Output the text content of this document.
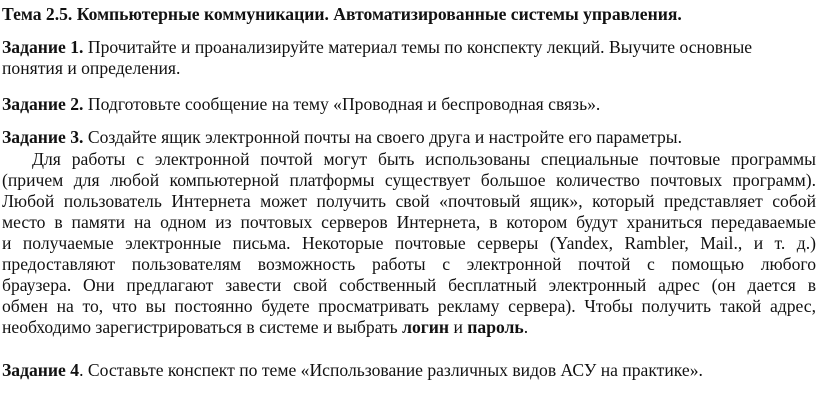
Тема 2.5. Компьютерные коммуникации. Автоматизированные системы управления.
Задание 1. Прочитайте и проанализируйте материал темы по конспекту лекций. Выучите основные
понятия и определения.
Задание 2. Подготовьте сообщение на тему «Проводная и беспроводная связь».
Задание 3. Создайте ящик электронной почты на своего друга и настройте его параметры.
Для работы с электронной почтой могут быть использованы специальные почтовые программы
(причем для любой компьютерной платформы существует большое количество почтовых программ).
Любой пользователь Интернета может получить свой «почтовый ящик», который представляет собой
место в памяти на одном из почтовых серверов Интернета, в котором будут храниться передаваемые
и получаемые электронные письма. Некоторые почтовые серверы (Yandex, Rambler, Mail., и т. д.)
предоставляют пользователям возможность работы с электронной почтой с помощью любого
браузера. Они предлагают завести свой собственный бесплатный электронный адрес (он дается в
обмен на то, что вы постоянно будете просматривать рекламу сервера). Чтобы получить такой адрес,
необходимо зарегистрироваться в системе и выбрать логин и пароль.
Задание 4. Составьте конспект по теме «Использование различных видов АСУ на практике».
